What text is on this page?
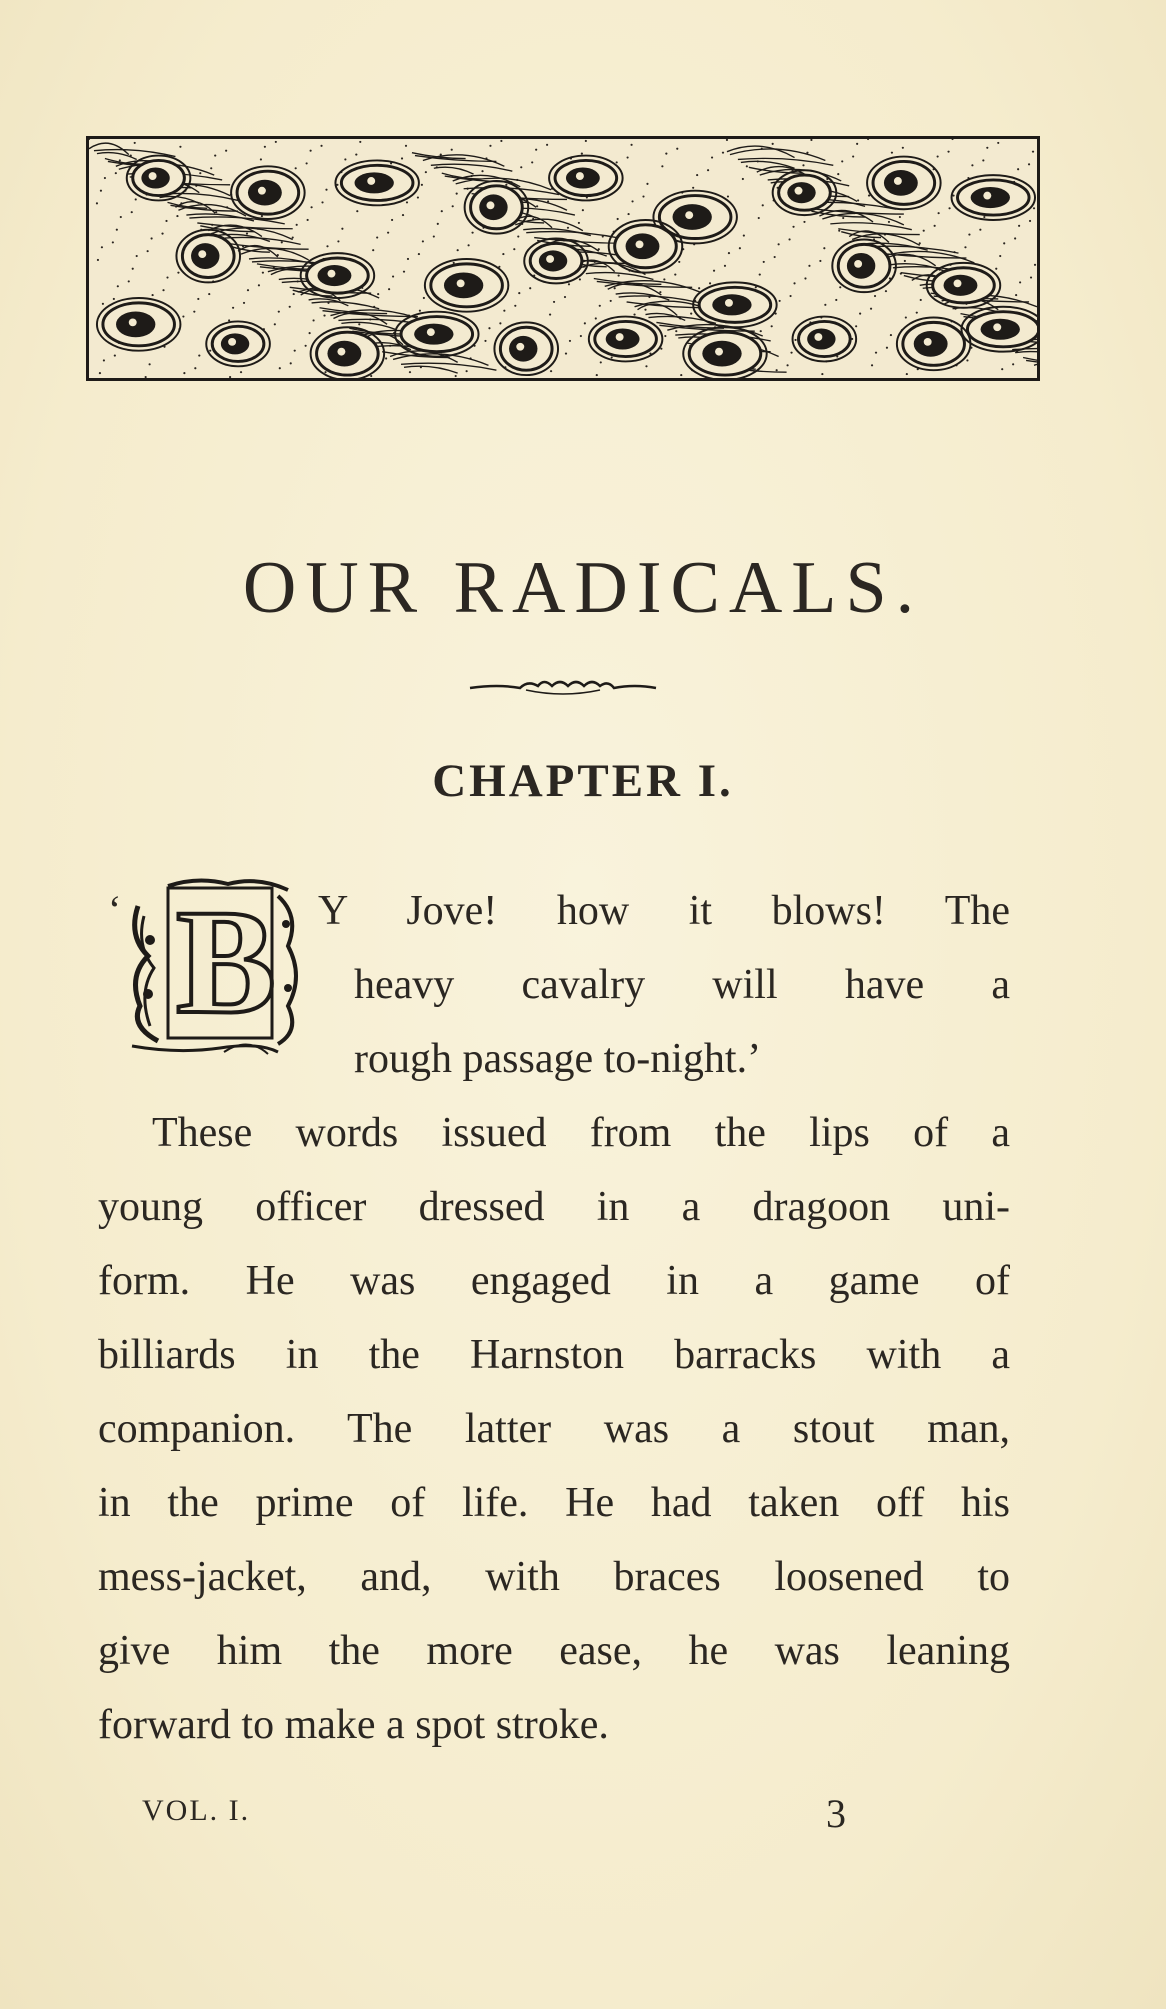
OUR RADICALS.
CHAPTER I.
‘ B Y Jove! how it blows! The
heavy cavalry will have a
rough passage to-night.’
These words issued from the lips of a
young officer dressed in a dragoon uni-
form. He was engaged in a game of
billiards in the Harnston barracks with a
companion. The latter was a stout man,
in the prime of life. He had taken off his
mess-jacket, and, with braces loosened to
give him the more ease, he was leaning
forward to make a spot stroke.
VOL. I.	3
